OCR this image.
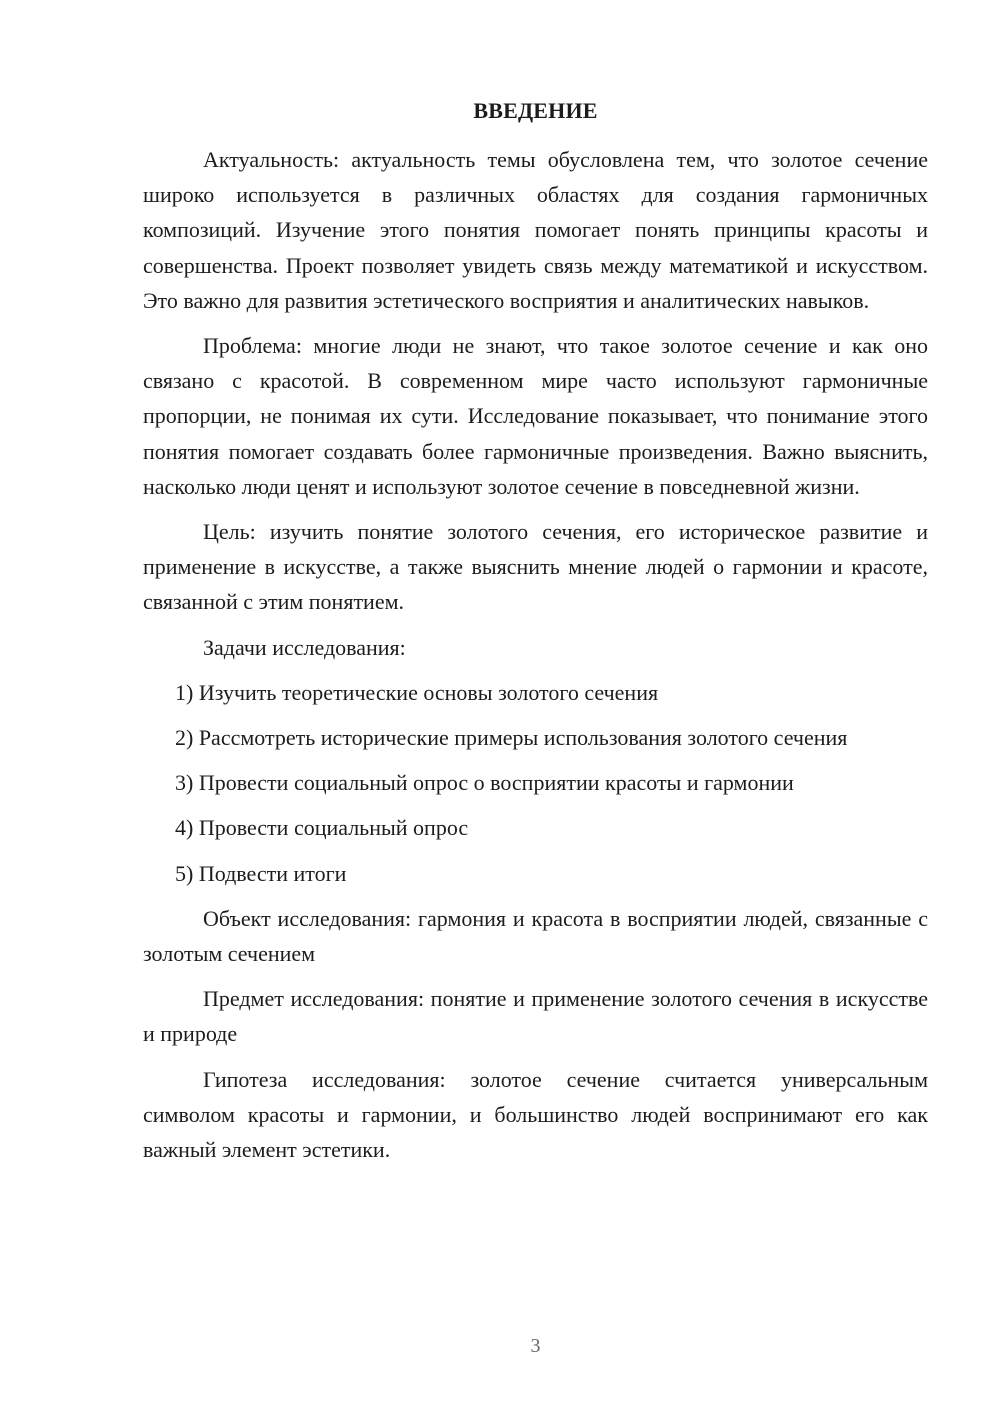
ВВЕДЕНИЕ

Актуальность: актуальность темы обусловлена тем, что золотое сечение широко используется в различных областях для создания гармоничных композиций. Изучение этого понятия помогает понять принципы красоты и совершенства. Проект позволяет увидеть связь между математикой и искусством. Это важно для развития эстетического восприятия и аналитических навыков.

Проблема: многие люди не знают, что такое золотое сечение и как оно связано с красотой. В современном мире часто используют гармоничные пропорции, не понимая их сути. Исследование показывает, что понимание этого понятия помогает создавать более гармоничные произведения. Важно выяснить, насколько люди ценят и используют золотое сечение в повседневной жизни.

Цель: изучить понятие золотого сечения, его историческое развитие и применение в искусстве, а также выяснить мнение людей о гармонии и красоте, связанной с этим понятием.

Задачи исследования:

1) Изучить теоретические основы золотого сечения

2) Рассмотреть исторические примеры использования золотого сечения

3) Провести социальный опрос о восприятии красоты и гармонии

4) Провести социальный опрос

5) Подвести итоги

Объект исследования: гармония и красота в восприятии людей, связанные с золотым сечением

Предмет исследования: понятие и применение золотого сечения в искусстве и природе

Гипотеза исследования: золотое сечение считается универсальным символом красоты и гармонии, и большинство людей воспринимают его как важный элемент эстетики.

3
